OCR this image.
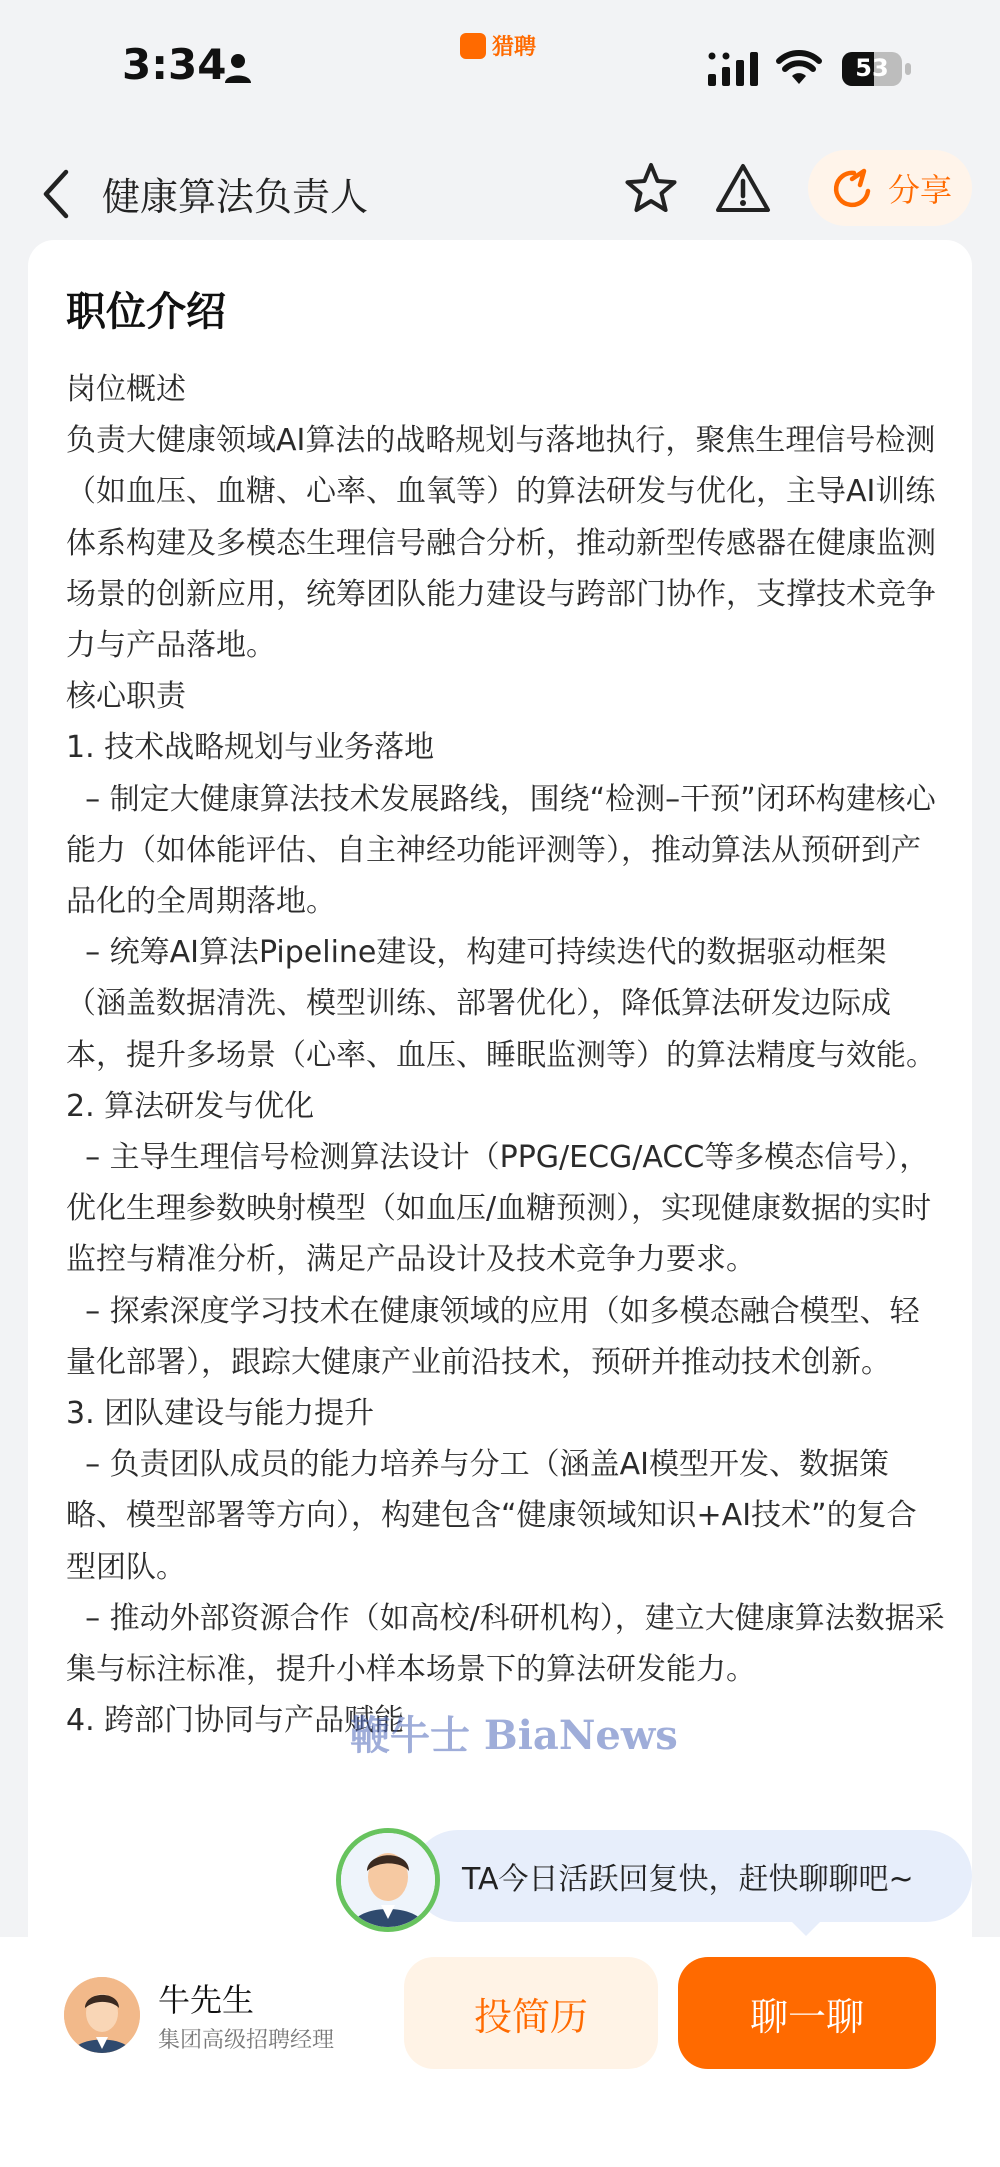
3:34	猎聘
53
健康算法负责人	分享
职位介绍

岗位概述

负责大健康领域AI算法的战略规划与落地执行，聚焦生理信号检测（如血压、血糖、心率、血氧等）的算法研发与优化，主导AI训练体系构建及多模态生理信号融合分析，推动新型传感器在健康监测场景的创新应用，统筹团队能力建设与跨部门协作，支撑技术竞争力与产品落地。

核心职责

1. 技术战略规划与业务落地

– 制定大健康算法技术发展路线，围绕“检测–干预”闭环构建核心能力（如体能评估、自主神经功能评测等），推动算法从预研到产品化的全周期落地。

– 统筹AI算法Pipeline建设，构建可持续迭代的数据驱动框架（涵盖数据清洗、模型训练、部署优化），降低算法研发边际成本，提升多场景（心率、血压、睡眠监测等）的算法精度与效能。

2. 算法研发与优化

– 主导生理信号检测算法设计（PPG/ECG/ACC等多模态信号），优化生理参数映射模型（如血压/血糖预测），实现健康数据的实时监控与精准分析，满足产品设计及技术竞争力要求。

– 探索深度学习技术在健康领域的应用（如多模态融合模型、轻量化部署），跟踪大健康产业前沿技术，预研并推动技术创新。

3. 团队建设与能力提升

– 负责团队成员的能力培养与分工（涵盖AI模型开发、数据策略、模型部署等方向），构建包含“健康领域知识+AI技术”的复合型团队。

– 推动外部资源合作（如高校/科研机构），建立大健康算法数据采集与标注标准，提升小样本场景下的算法研发能力。

4. 跨部门协同与产品赋能

鞭牛士 BiaNews
TA今日活跃回复快，赶快聊聊吧~
牛先生
集团高级招聘经理
投简历	聊一聊
